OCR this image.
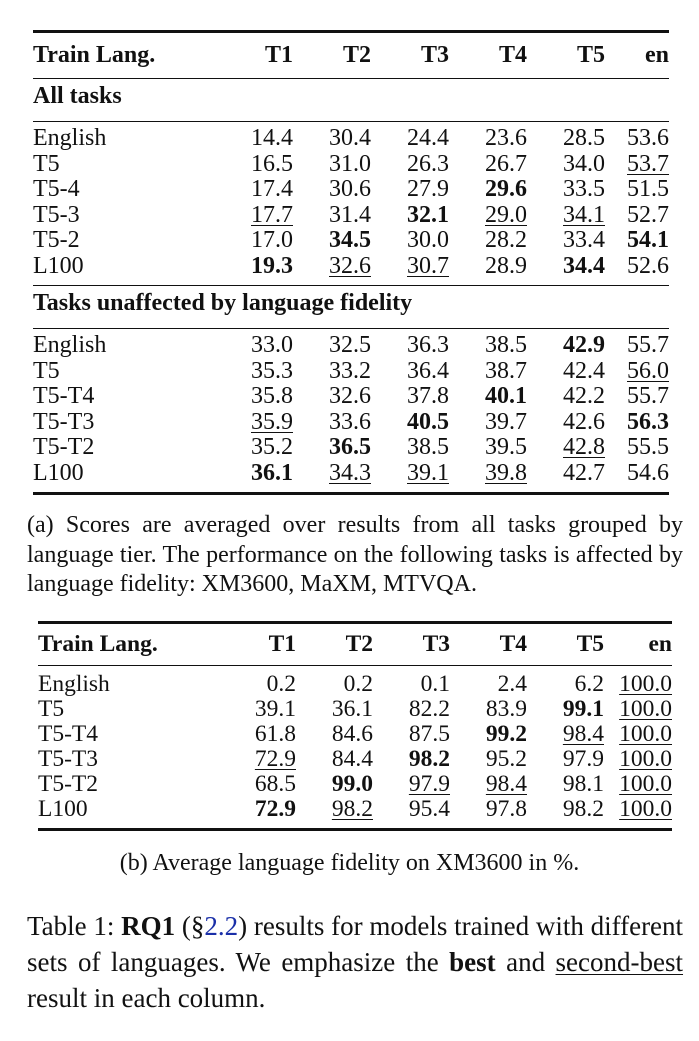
Train Lang.	T1	T2	T3	T4	T5	en
All tasks						

English	14.4	30.4	24.4	23.6	28.5	53.6
T5	16.5	31.0	26.3	26.7	34.0	53.7
T5-4	17.4	30.6	27.9	29.6	33.5	51.5
T5-3	17.7	31.4	32.1	29.0	34.1	52.7
T5-2	17.0	34.5	30.0	28.2	33.4	54.1
L100	19.3	32.6	30.7	28.9	34.4	52.6

Tasks unaffected by language fidelity						

English	33.0	32.5	36.3	38.5	42.9	55.7
T5	35.3	33.2	36.4	38.7	42.4	56.0
T5-T4	35.8	32.6	37.8	40.1	42.2	55.7
T5-T3	35.9	33.6	40.5	39.7	42.6	56.3
T5-T2	35.2	36.5	38.5	39.5	42.8	55.5
L100	36.1	34.3	39.1	39.8	42.7	54.6

(a) Scores are averaged over results from all tasks grouped by language tier. The performance on the following tasks is affected by language fidelity: XM3600, MaXM, MTVQA.
Train Lang.	T1	T2	T3	T4	T5	en

English	0.2	0.2	0.1	2.4	6.2	100.0
T5	39.1	36.1	82.2	83.9	99.1	100.0
T5-T4	61.8	84.6	87.5	99.2	98.4	100.0
T5-T3	72.9	84.4	98.2	95.2	97.9	100.0
T5-T2	68.5	99.0	97.9	98.4	98.1	100.0
L100	72.9	98.2	95.4	97.8	98.2	100.0

(b) Average language fidelity on XM3600 in %.
Table 1: RQ1 (§2.2) results for models trained with different sets of languages. We emphasize the best and second-best result in each column.
